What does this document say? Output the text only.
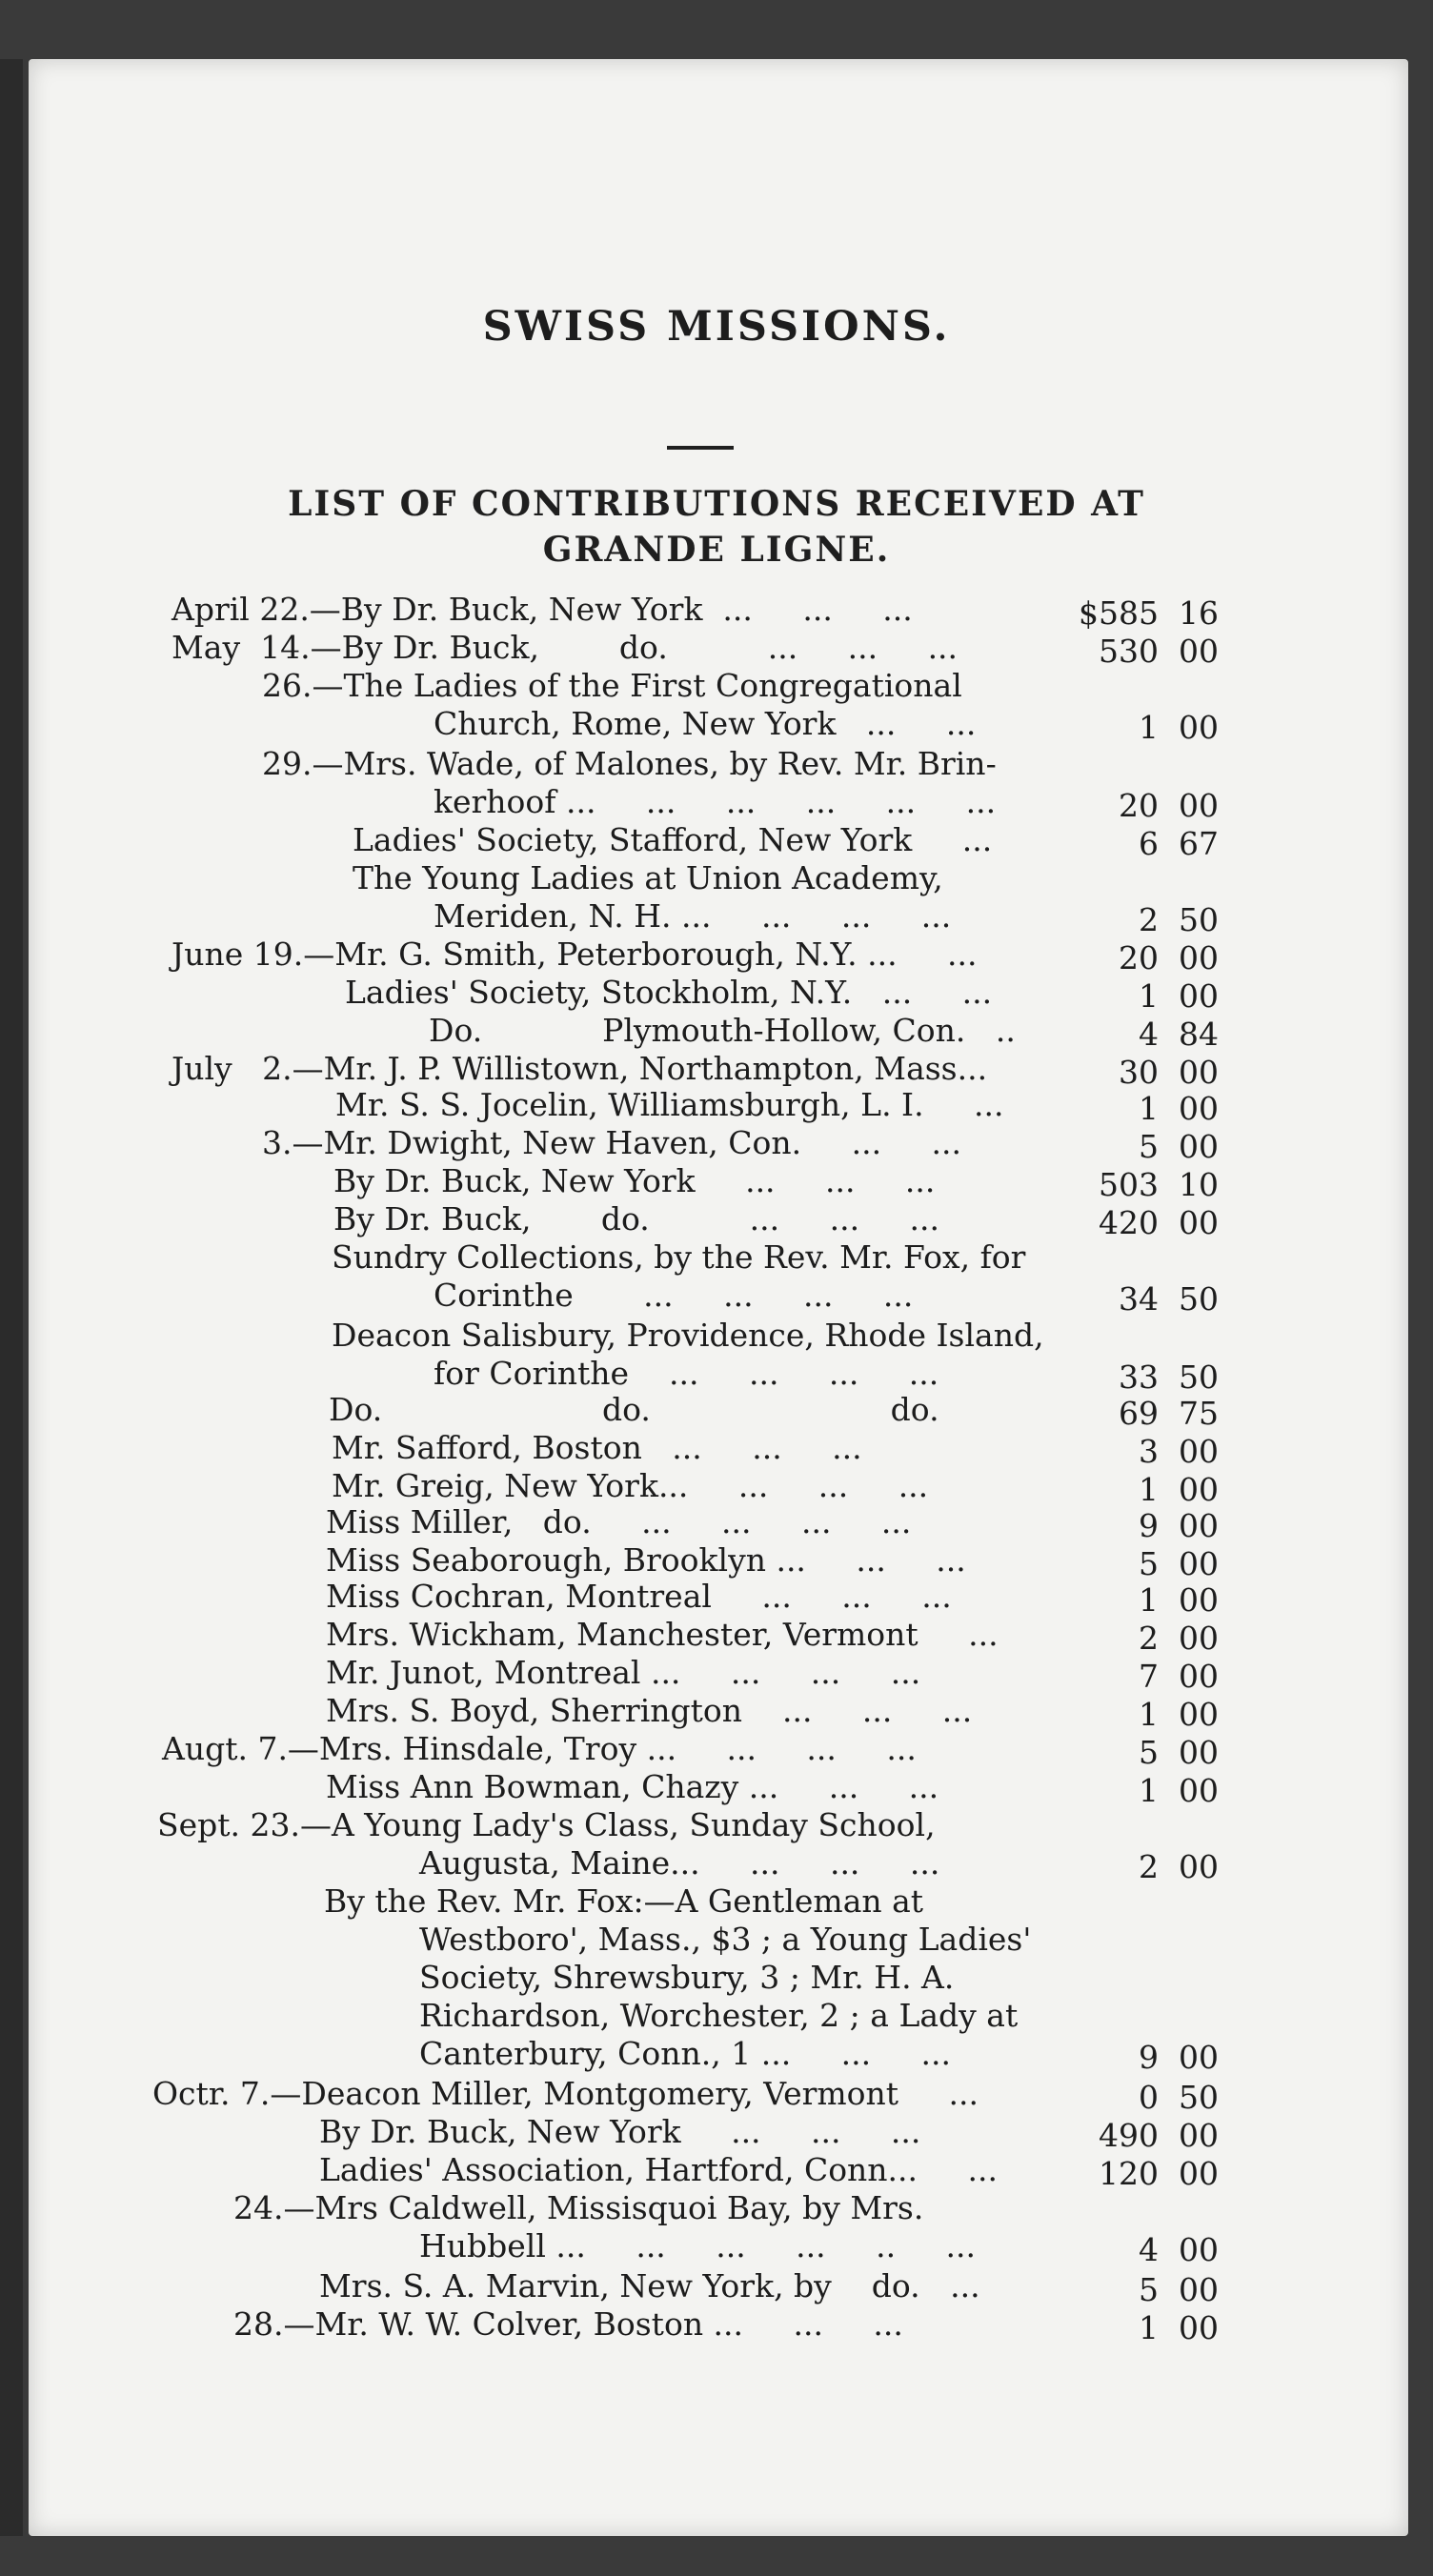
SWISS MISSIONS.
LIST OF CONTRIBUTIONS RECEIVED AT
GRANDE LIGNE.
April 22.—By Dr. Buck, New York  ...     ...     ...	$585  16
May  14.—By Dr. Buck,        do.          ...     ...     ...	530  00
26.—The Ladies of the First Congregational
Church, Rome, New York   ...     ...	1  00
29.—Mrs. Wade, of Malones, by Rev. Mr. Brin-
kerhoof ...     ...     ...     ...     ...     ...	20  00
Ladies' Society, Stafford, New York     ...	6  67
The Young Ladies at Union Academy,
Meriden, N. H. ...     ...     ...     ...	2  50
June 19.—Mr. G. Smith, Peterborough, N.Y. ...     ...	20  00
Ladies' Society, Stockholm, N.Y.   ...     ...	1  00
Do.            Plymouth-Hollow, Con.   ..	4  84
July   2.—Mr. J. P. Willistown, Northampton, Mass...	30  00
Mr. S. S. Jocelin, Williamsburgh, L. I.     ...	1  00
3.—Mr. Dwight, New Haven, Con.     ...     ...	5  00
By Dr. Buck, New York     ...     ...     ...	503  10
By Dr. Buck,       do.          ...     ...     ...	420  00
Sundry Collections, by the Rev. Mr. Fox, for
Corinthe       ...     ...     ...     ...	34  50
Deacon Salisbury, Providence, Rhode Island,
for Corinthe    ...     ...     ...     ...	33  50
Do.                      do.                        do.	69  75
Mr. Safford, Boston   ...     ...     ...	3  00
Mr. Greig, New York...     ...     ...     ...	1  00
Miss Miller,   do.     ...     ...     ...     ...	9  00
Miss Seaborough, Brooklyn ...     ...     ...	5  00
Miss Cochran, Montreal     ...     ...     ...	1  00
Mrs. Wickham, Manchester, Vermont     ...	2  00
Mr. Junot, Montreal ...     ...     ...     ...	7  00
Mrs. S. Boyd, Sherrington    ...     ...     ...	1  00
Augt. 7.—Mrs. Hinsdale, Troy ...     ...     ...     ...	5  00
Miss Ann Bowman, Chazy ...     ...     ...	1  00
Sept. 23.—A Young Lady's Class, Sunday School,
Augusta, Maine...     ...     ...     ...	2  00
By the Rev. Mr. Fox:—A Gentleman at
Westboro', Mass., $3 ; a Young Ladies'
Society, Shrewsbury, 3 ; Mr. H. A.
Richardson, Worchester, 2 ; a Lady at
Canterbury, Conn., 1 ...     ...     ...	9  00
Octr. 7.—Deacon Miller, Montgomery, Vermont     ...	0  50
By Dr. Buck, New York     ...     ...     ...	490  00
Ladies' Association, Hartford, Conn...     ...	120  00
24.—Mrs Caldwell, Missisquoi Bay, by Mrs.
Hubbell ...     ...     ...     ...     ..     ...	4  00
Mrs. S. A. Marvin, New York, by    do.   ...	5  00
28.—Mr. W. W. Colver, Boston ...     ...     ...	1  00
